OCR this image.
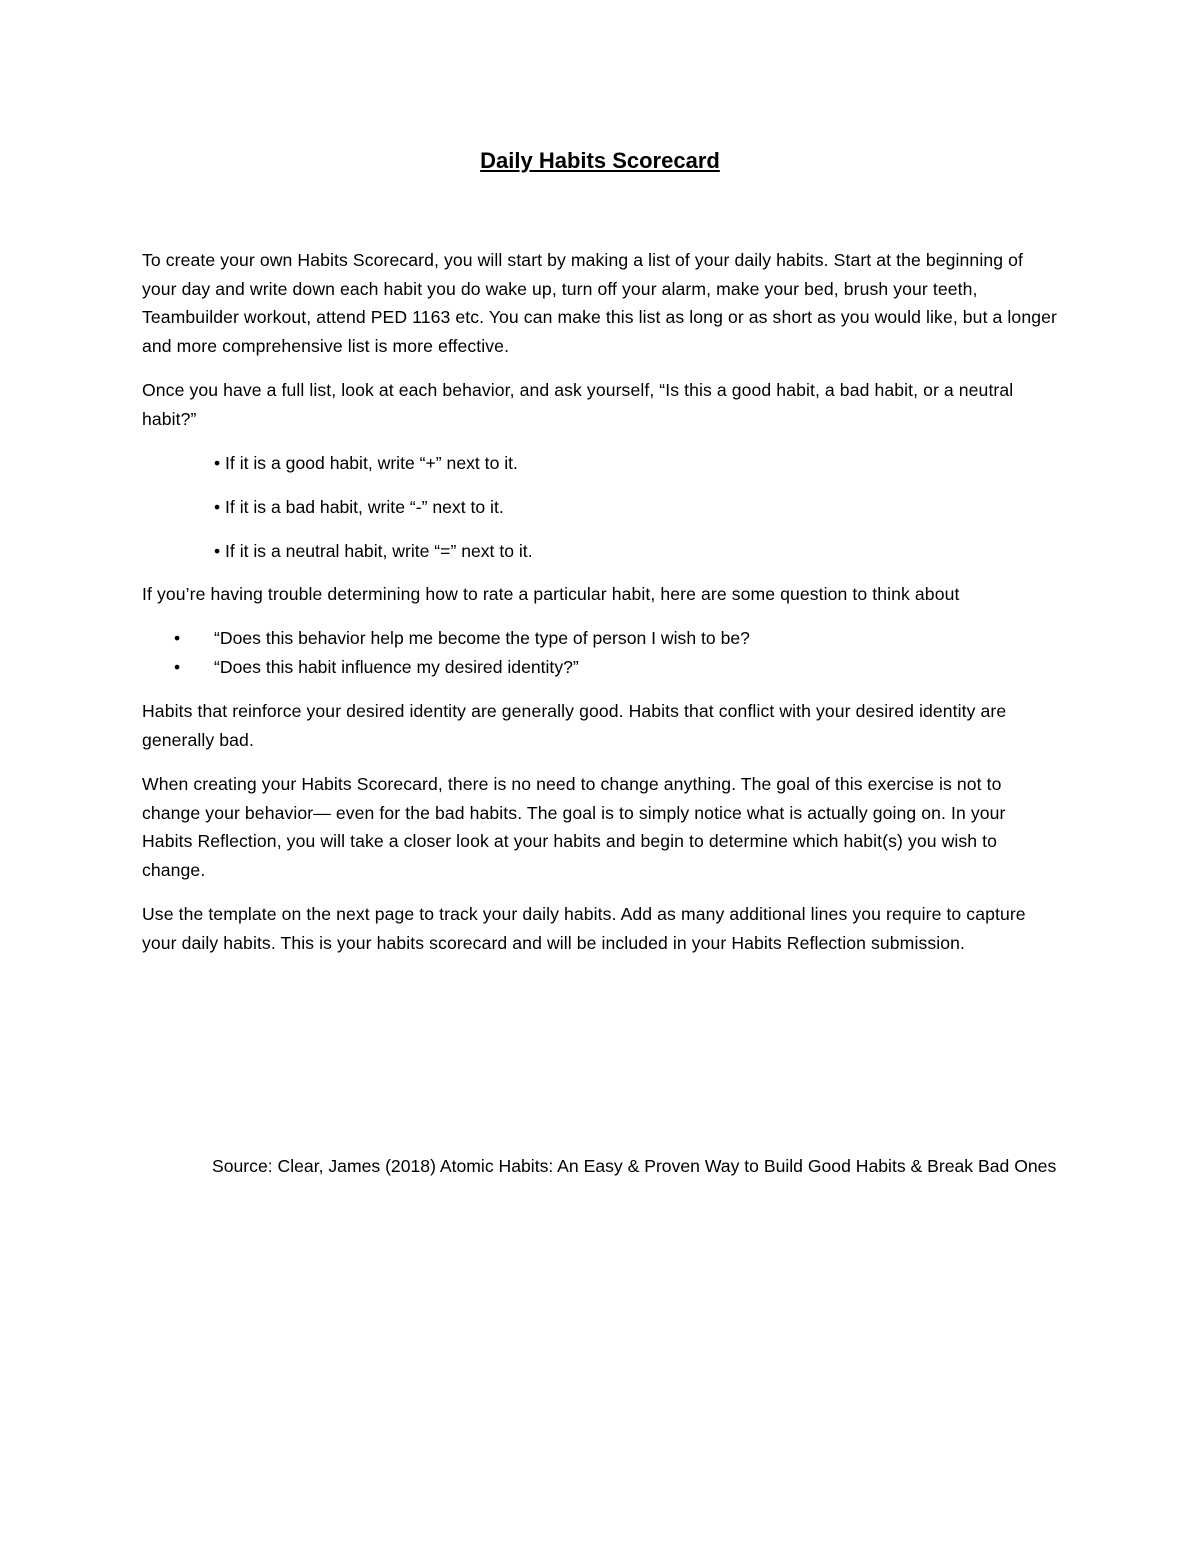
Daily Habits Scorecard

To create your own Habits Scorecard, you will start by making a list of your daily habits. Start at the beginning of your day and write down each habit you do wake up, turn off your alarm, make your bed, brush your teeth, Teambuilder workout, attend PED 1163 etc. You can make this list as long or as short as you would like, but a longer and more comprehensive list is more effective.

Once you have a full list, look at each behavior, and ask yourself, “Is this a good habit, a bad habit, or a neutral habit?”

• If it is a good habit, write “+” next to it.
• If it is a bad habit, write “-” next to it.
• If it is a neutral habit, write “=” next to it.

If you’re having trouble determining how to rate a particular habit, here are some question to think about

• “Does this behavior help me become the type of person I wish to be?
• “Does this habit influence my desired identity?”

Habits that reinforce your desired identity are generally good. Habits that conflict with your desired identity are generally bad.

When creating your Habits Scorecard, there is no need to change anything. The goal of this exercise is not to change your behavior— even for the bad habits. The goal is to simply notice what is actually going on. In your Habits Reflection, you will take a closer look at your habits and begin to determine which habit(s) you wish to change.

Use the template on the next page to track your daily habits. Add as many additional lines you require to capture your daily habits. This is your habits scorecard and will be included in your Habits Reflection submission.

Source: Clear, James (2018) Atomic Habits: An Easy & Proven Way to Build Good Habits & Break Bad Ones
